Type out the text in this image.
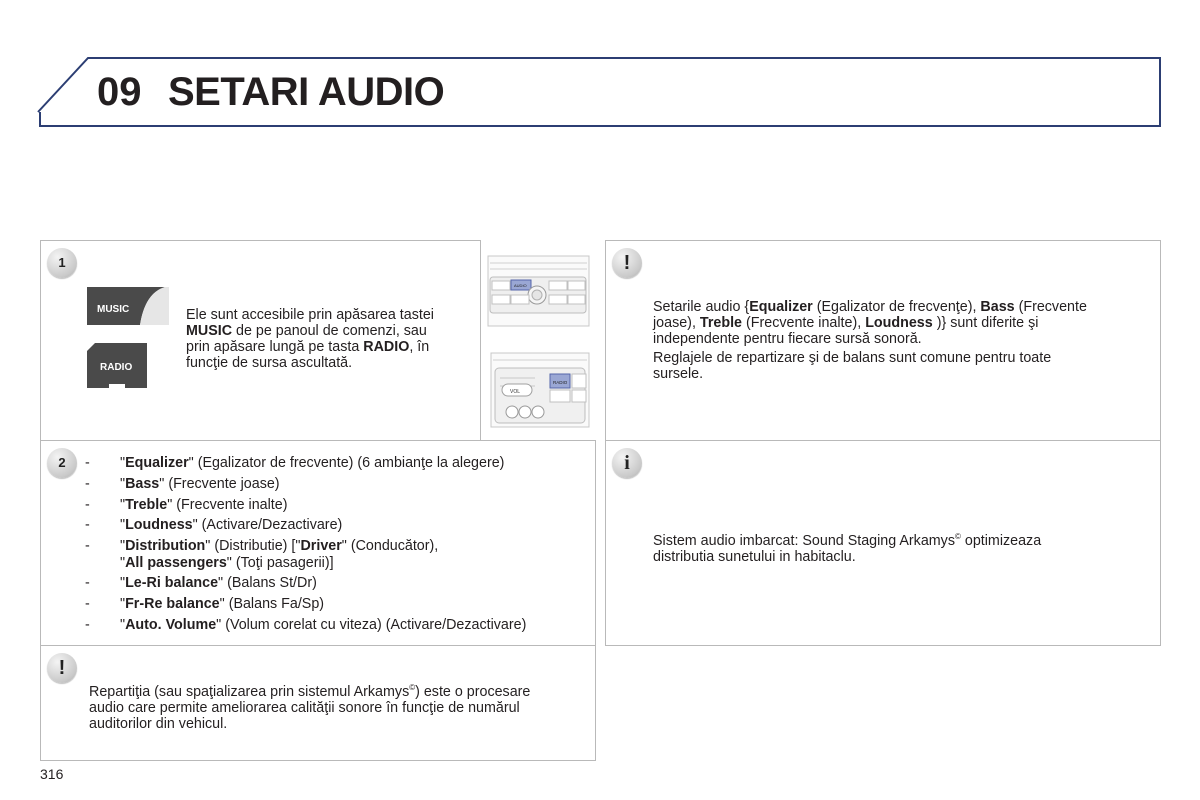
09 SETARI AUDIO
1
MUSIC
RADIO
Ele sunt accesibile prin apăsarea tastei
MUSIC de pe panoul de comenzi, sau
prin apăsare lungă pe tasta RADIO, în
funcţie de sursa ascultată.
AUDIO
VOL
RADIO
2	- "Equalizer" (Egalizator de frecvente) (6 ambianţe la alegere)
- "Bass" (Frecvente joase)
- "Treble" (Frecvente inalte)
- "Loudness" (Activare/Dezactivare)
- "Distribution" (Distributie) ["Driver" (Conducător),
"All passengers" (Toţi pasagerii)]
- "Le-Ri balance" (Balans St/Dr)
- "Fr-Re balance" (Balans Fa/Sp)
- "Auto. Volume" (Volum corelat cu viteza) (Activare/Dezactivare)
!
Repartiţia (sau spaţializarea prin sistemul Arkamys©) este o procesare
audio care permite ameliorarea calităţii sonore în funcţie de numărul
auditorilor din vehicul.
!
Setarile audio {Equalizer (Egalizator de frecvenţe), Bass (Frecvente
joase), Treble (Frecvente inalte), Loudness )} sunt diferite şi
independente pentru fiecare sursă sonoră.
Reglajele de repartizare şi de balans sunt comune pentru toate
sursele.
i
Sistem audio imbarcat: Sound Staging Arkamys© optimizeaza
distributia sunetului in habitaclu.
316
